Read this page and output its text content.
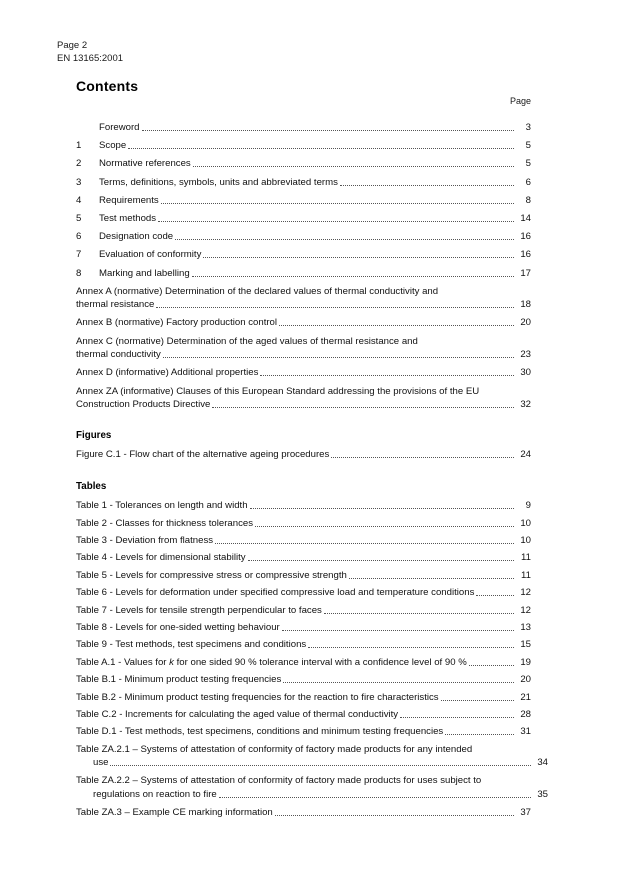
Page 2
EN 13165:2001
Contents
Page
Foreword	3
1	Scope	5
2	Normative references	5
3	Terms, definitions, symbols, units and abbreviated terms	6
4	Requirements	8
5	Test methods	14
6	Designation code	16
7	Evaluation of conformity	16
8	Marking and labelling	17
Annex A (normative) Determination of the declared values of thermal conductivity and
thermal resistance	18
Annex B (normative) Factory production control	20
Annex C (normative) Determination of the aged values of thermal resistance and
thermal conductivity	23
Annex D (informative) Additional properties	30
Annex ZA (informative) Clauses of this European Standard addressing the provisions of the EU
Construction Products Directive	32
Figures
Figure C.1 - Flow chart of the alternative ageing procedures	24
Tables
Table 1 - Tolerances on length and width	9
Table 2 - Classes for thickness tolerances	10
Table 3 - Deviation from flatness	10
Table 4 - Levels for dimensional stability	11
Table 5 - Levels for compressive stress or compressive strength	11
Table 6 - Levels for deformation under specified compressive load and temperature conditions	12
Table 7 - Levels for tensile strength perpendicular to faces	12
Table 8 - Levels for one-sided wetting behaviour	13
Table 9 - Test methods, test specimens and conditions	15
Table A.1 - Values for k for one sided 90 % tolerance interval with a confidence level of 90 %	19
Table B.1 - Minimum product testing frequencies	20
Table B.2 - Minimum product testing frequencies for the reaction to fire characteristics	21
Table C.2 - Increments for calculating the aged value of thermal conductivity	28
Table D.1 - Test methods, test specimens, conditions and minimum testing frequencies	31
Table ZA.2.1 – Systems of attestation of conformity of factory made products for any intended
use	34
Table ZA.2.2 – Systems of attestation of conformity of factory made products for uses subject to
regulations on reaction to fire	35
Table ZA.3 – Example CE marking information	37
